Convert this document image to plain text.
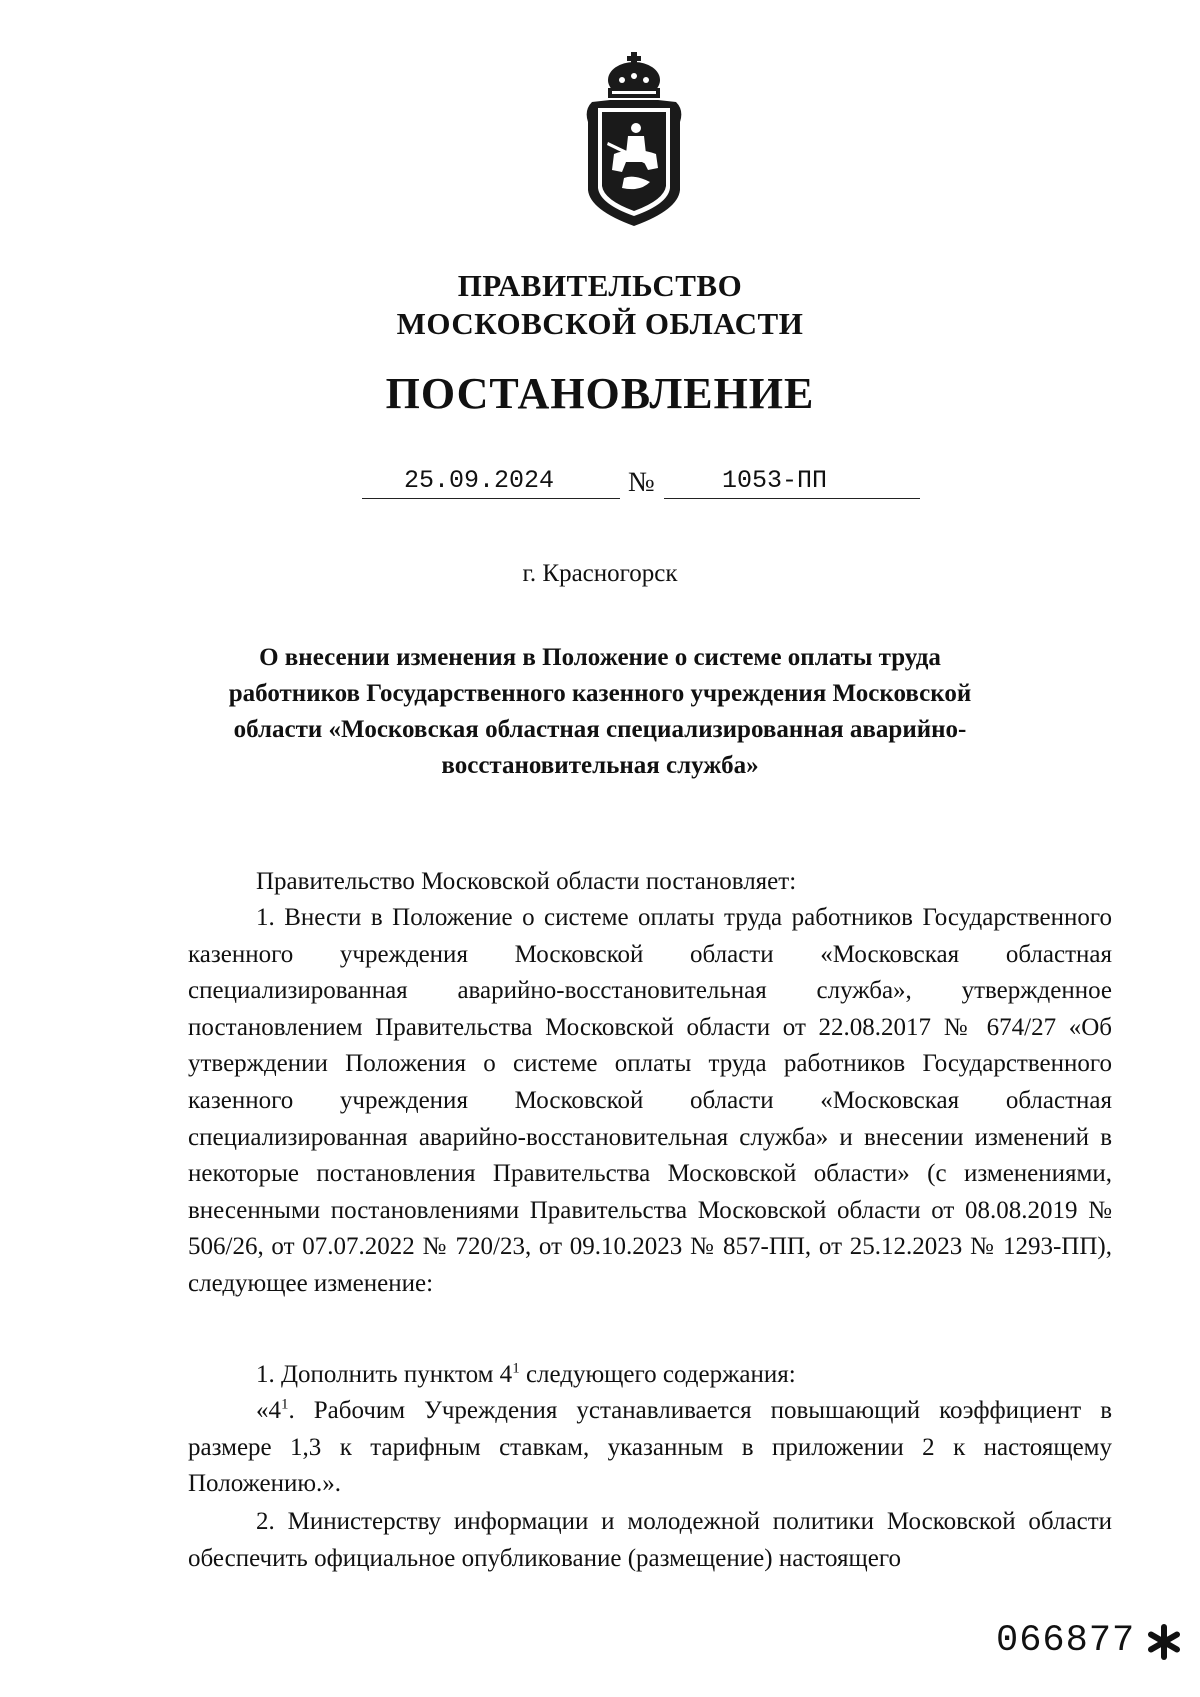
ПРАВИТЕЛЬСТВО
МОСКОВСКОЙ ОБЛАСТИ
ПОСТАНОВЛЕНИЕ
25.09.2024	№	1053-ПП
г. Красногорск

О внесении изменения в Положение о системе оплаты труда работников Государственного казенного учреждения Московской области «Московская областная специализированная аварийно-восстановительная служба»

Правительство Московской области постановляет:

1. Внести в Положение о системе оплаты труда работников Государственного казенного учреждения Московской области «Московская областная специализированная аварийно-восстановительная служба», утвержденное постановлением Правительства Московской области от 22.08.2017 № 674/27 «Об утверждении Положения о системе оплаты труда работников Государственного казенного учреждения Московской области «Московская областная специализированная аварийно-восстановительная служба» и внесении изменений в некоторые постановления Правительства Московской области» (с изменениями, внесенными постановлениями Правительства Московской области от 08.08.2019 № 506/26, от 07.07.2022 № 720/23, от 09.10.2023 № 857-ПП, от 25.12.2023 № 1293-ПП), следующее изменение:

1. Дополнить пунктом $4^1$ следующего содержания:

«$4^1$. Рабочим Учреждения устанавливается повышающий коэффициент в размере 1,3 к тарифным ставкам, указанным в приложении 2 к настоящему Положению.».

2. Министерству информации и молодежной политики Московской области обеспечить официальное опубликование (размещение) настоящего

066877
